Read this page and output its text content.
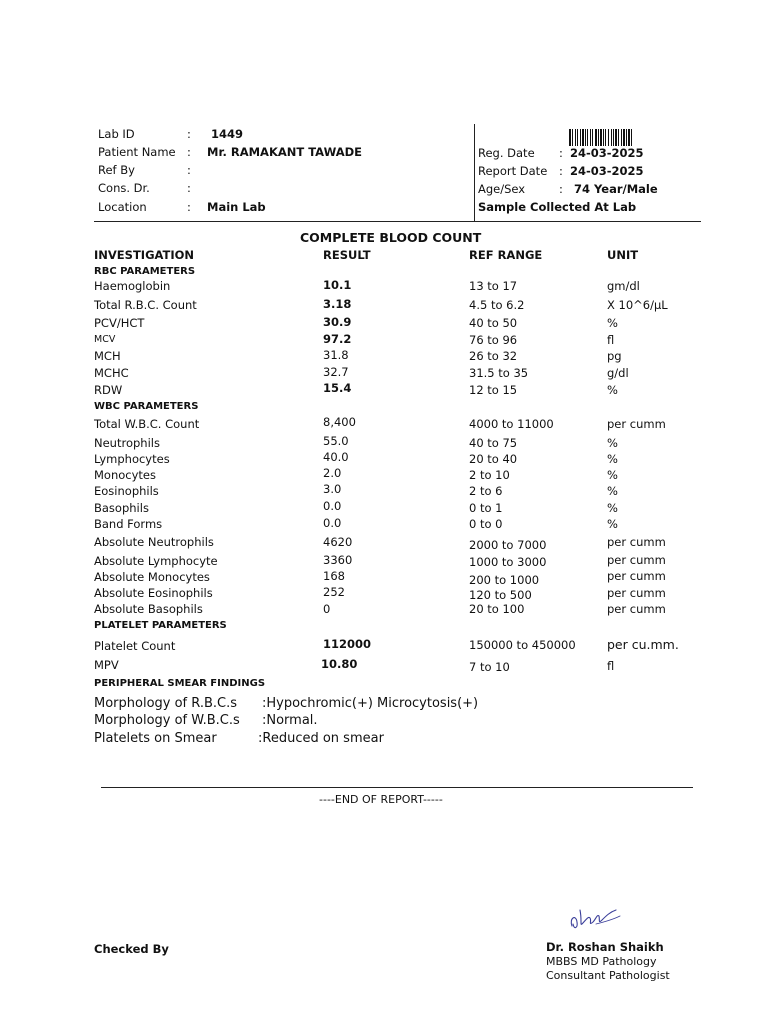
Lab ID	: 1449
Patient Name : Mr. RAMAKANT TAWADE
Ref By	:
Cons. Dr.	:
Location	: Main Lab
Reg. Date : 24-03-2025
Report Date : 24-03-2025
Age/Sex	: 74 Year/Male
Sample Collected At Lab
COMPLETE BLOOD COUNT
INVESTIGATION	RESULT	REF RANGE	UNIT
RBC PARAMETERS
Haemoglobin	10.1	13 to 17	gm/dl
Total R.B.C. Count	3.18	4.5 to 6.2	X 10^6/µL
PCV/HCT	30.9	40 to 50	%
MCV	97.2	76 to 96	fl
MCH	31.8	26 to 32	pg
MCHC	32.7	31.5 to 35	g/dl
RDW	15.4	12 to 15	%
WBC PARAMETERS
Total W.B.C. Count	8,400	4000 to 11000	per cumm
Neutrophils	55.0	40 to 75	%
Lymphocytes	40.0	20 to 40	%
Monocytes	2.0	2 to 10	%
Eosinophils	3.0	2 to 6	%
Basophils	0.0	0 to 1	%
Band Forms	0.0	0 to 0	%
Absolute Neutrophils	4620	2000 to 7000	per cumm
Absolute Lymphocyte	3360	1000 to 3000	per cumm
Absolute Monocytes	168	200 to 1000	per cumm
Absolute Eosinophils	252	120 to 500	per cumm
Absolute Basophils	0	20 to 100	per cumm
PLATELET PARAMETERS
Platelet Count	112000	150000 to 450000	per cu.mm.
MPV	10.80	7 to 10	fl
PERIPHERAL SMEAR FINDINGS
Morphology of R.B.C.s :Hypochromic(+) Microcytosis(+)
Morphology of W.B.C.s :Normal.
Platelets on Smear	:Reduced on smear
----END OF REPORT-----
Checked By	Dr. Roshan Shaikh
MBBS MD Pathology
Consultant Pathologist
